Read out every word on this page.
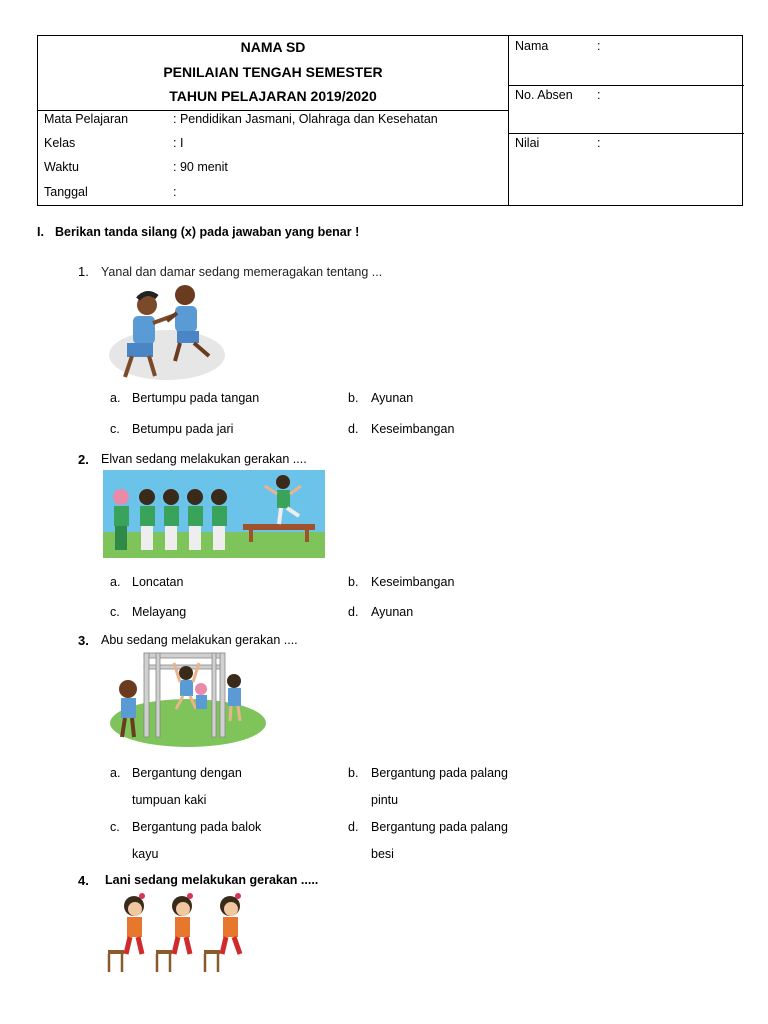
NAMA SD
PENILAIAN TENGAH SEMESTER
TAHUN PELAJARAN 2019/2020
Mata Pelajaran	: Pendidikan Jasmani, Olahraga dan Kesehatan
Kelas	: I
Waktu	: 90 menit
Tanggal	:
Nama	:
No. Absen :
Nilai	:
I. Berikan tanda silang (x) pada jawaban yang benar !
1. Yanal dan damar sedang memeragakan tentang ...
a. Bertumpu pada tangan	b. Ayunan
c. Betumpu pada jari	d. Keseimbangan
2. Elvan sedang melakukan gerakan ....
a. Loncatan	b. Keseimbangan
c. Melayang	d. Ayunan
3. Abu sedang melakukan gerakan ....
a. Bergantung dengan
tumpuan kaki
b. Bergantung pada palang
pintu
c. Bergantung pada balok
kayu
d. Bergantung pada palang
besi
4. Lani sedang melakukan gerakan .....
